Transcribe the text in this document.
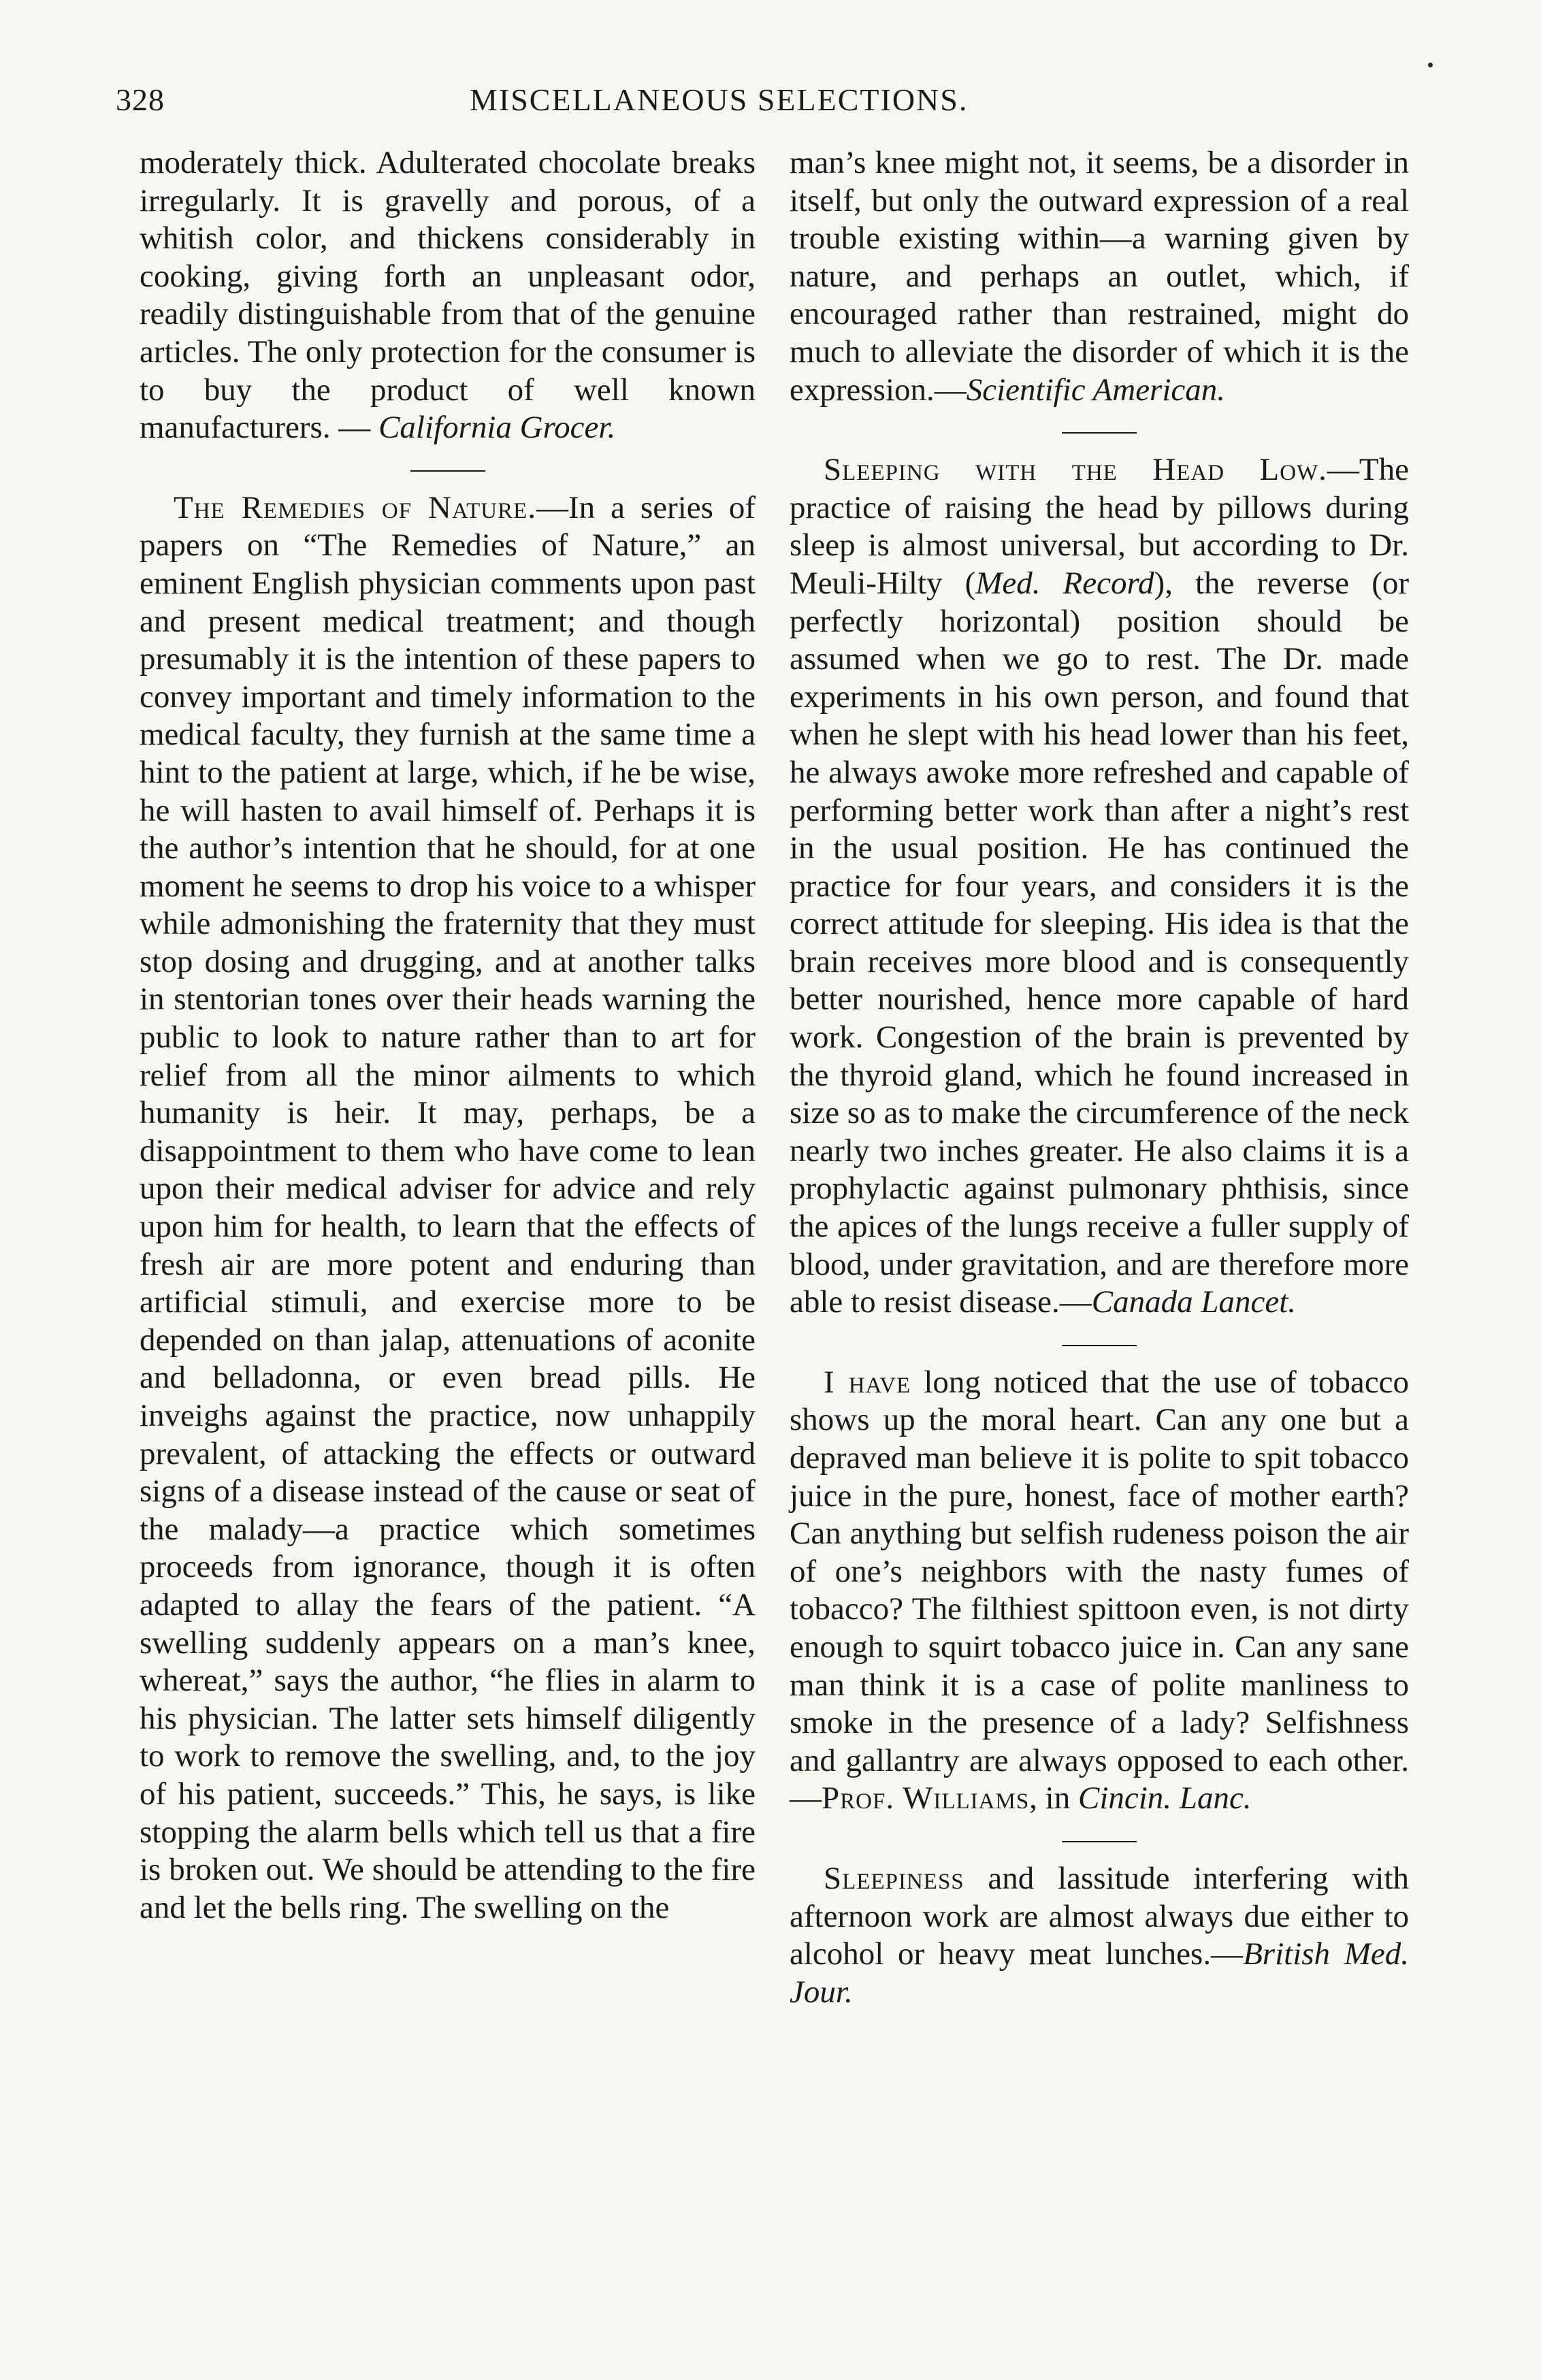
328	MISCELLANEOUS SELECTIONS.

moderately thick. Adulterated chocolate breaks irregularly. It is gravelly and porous, of a whitish color, and thickens considerably in cooking, giving forth an unpleasant odor, readily distinguishable from that of the genuine articles. The only protection for the consumer is to buy the product of well known manufacturers. — California Grocer.

The Remedies of Nature.—In a series of papers on “The Remedies of Nature,” an eminent English physician comments upon past and present medical treatment; and though presumably it is the intention of these papers to convey important and timely information to the medical faculty, they furnish at the same time a hint to the patient at large, which, if he be wise, he will hasten to avail himself of. Perhaps it is the author’s intention that he should, for at one moment he seems to drop his voice to a whisper while admonishing the fraternity that they must stop dosing and drugging, and at another talks in stentorian tones over their heads warning the public to look to nature rather than to art for relief from all the minor ailments to which humanity is heir. It may, perhaps, be a disappointment to them who have come to lean upon their medical adviser for advice and rely upon him for health, to learn that the effects of fresh air are more potent and enduring than artificial stimuli, and exercise more to be depended on than jalap, attenuations of aconite and belladonna, or even bread pills. He inveighs against the practice, now unhappily prevalent, of attacking the effects or outward signs of a disease instead of the cause or seat of the malady—a practice which sometimes proceeds from ignorance, though it is often adapted to allay the fears of the patient. “A swelling suddenly appears on a man’s knee, whereat,” says the author, “he flies in alarm to his physician. The latter sets himself diligently to work to remove the swelling, and, to the joy of his patient, succeeds.” This, he says, is like stopping the alarm bells which tell us that a fire is broken out. We should be attending to the fire and let the bells ring. The swelling on the

man’s knee might not, it seems, be a disorder in itself, but only the outward expression of a real trouble existing within—a warning given by nature, and perhaps an outlet, which, if encouraged rather than restrained, might do much to alleviate the disorder of which it is the expression.—Scientific American.

Sleeping with the Head Low.—The practice of raising the head by pillows during sleep is almost universal, but according to Dr. Meuli-Hilty (Med. Record), the reverse (or perfectly horizontal) position should be assumed when we go to rest. The Dr. made experiments in his own person, and found that when he slept with his head lower than his feet, he always awoke more refreshed and capable of performing better work than after a night’s rest in the usual position. He has continued the practice for four years, and considers it is the correct attitude for sleeping. His idea is that the brain receives more blood and is consequently better nourished, hence more capable of hard work. Congestion of the brain is prevented by the thyroid gland, which he found increased in size so as to make the circumference of the neck nearly two inches greater. He also claims it is a prophylactic against pulmonary phthisis, since the apices of the lungs receive a fuller supply of blood, under gravitation, and are therefore more able to resist disease.—Canada Lancet.

I have long noticed that the use of tobacco shows up the moral heart. Can any one but a depraved man believe it is polite to spit tobacco juice in the pure, honest, face of mother earth? Can anything but selfish rudeness poison the air of one’s neighbors with the nasty fumes of tobacco? The filthiest spittoon even, is not dirty enough to squirt tobacco juice in. Can any sane man think it is a case of polite manliness to smoke in the presence of a lady? Selfishness and gallantry are always opposed to each other.—Prof. Williams, in Cincin. Lanc.

Sleepiness and lassitude interfering with afternoon work are almost always due either to alcohol or heavy meat lunches.—British Med. Jour.
